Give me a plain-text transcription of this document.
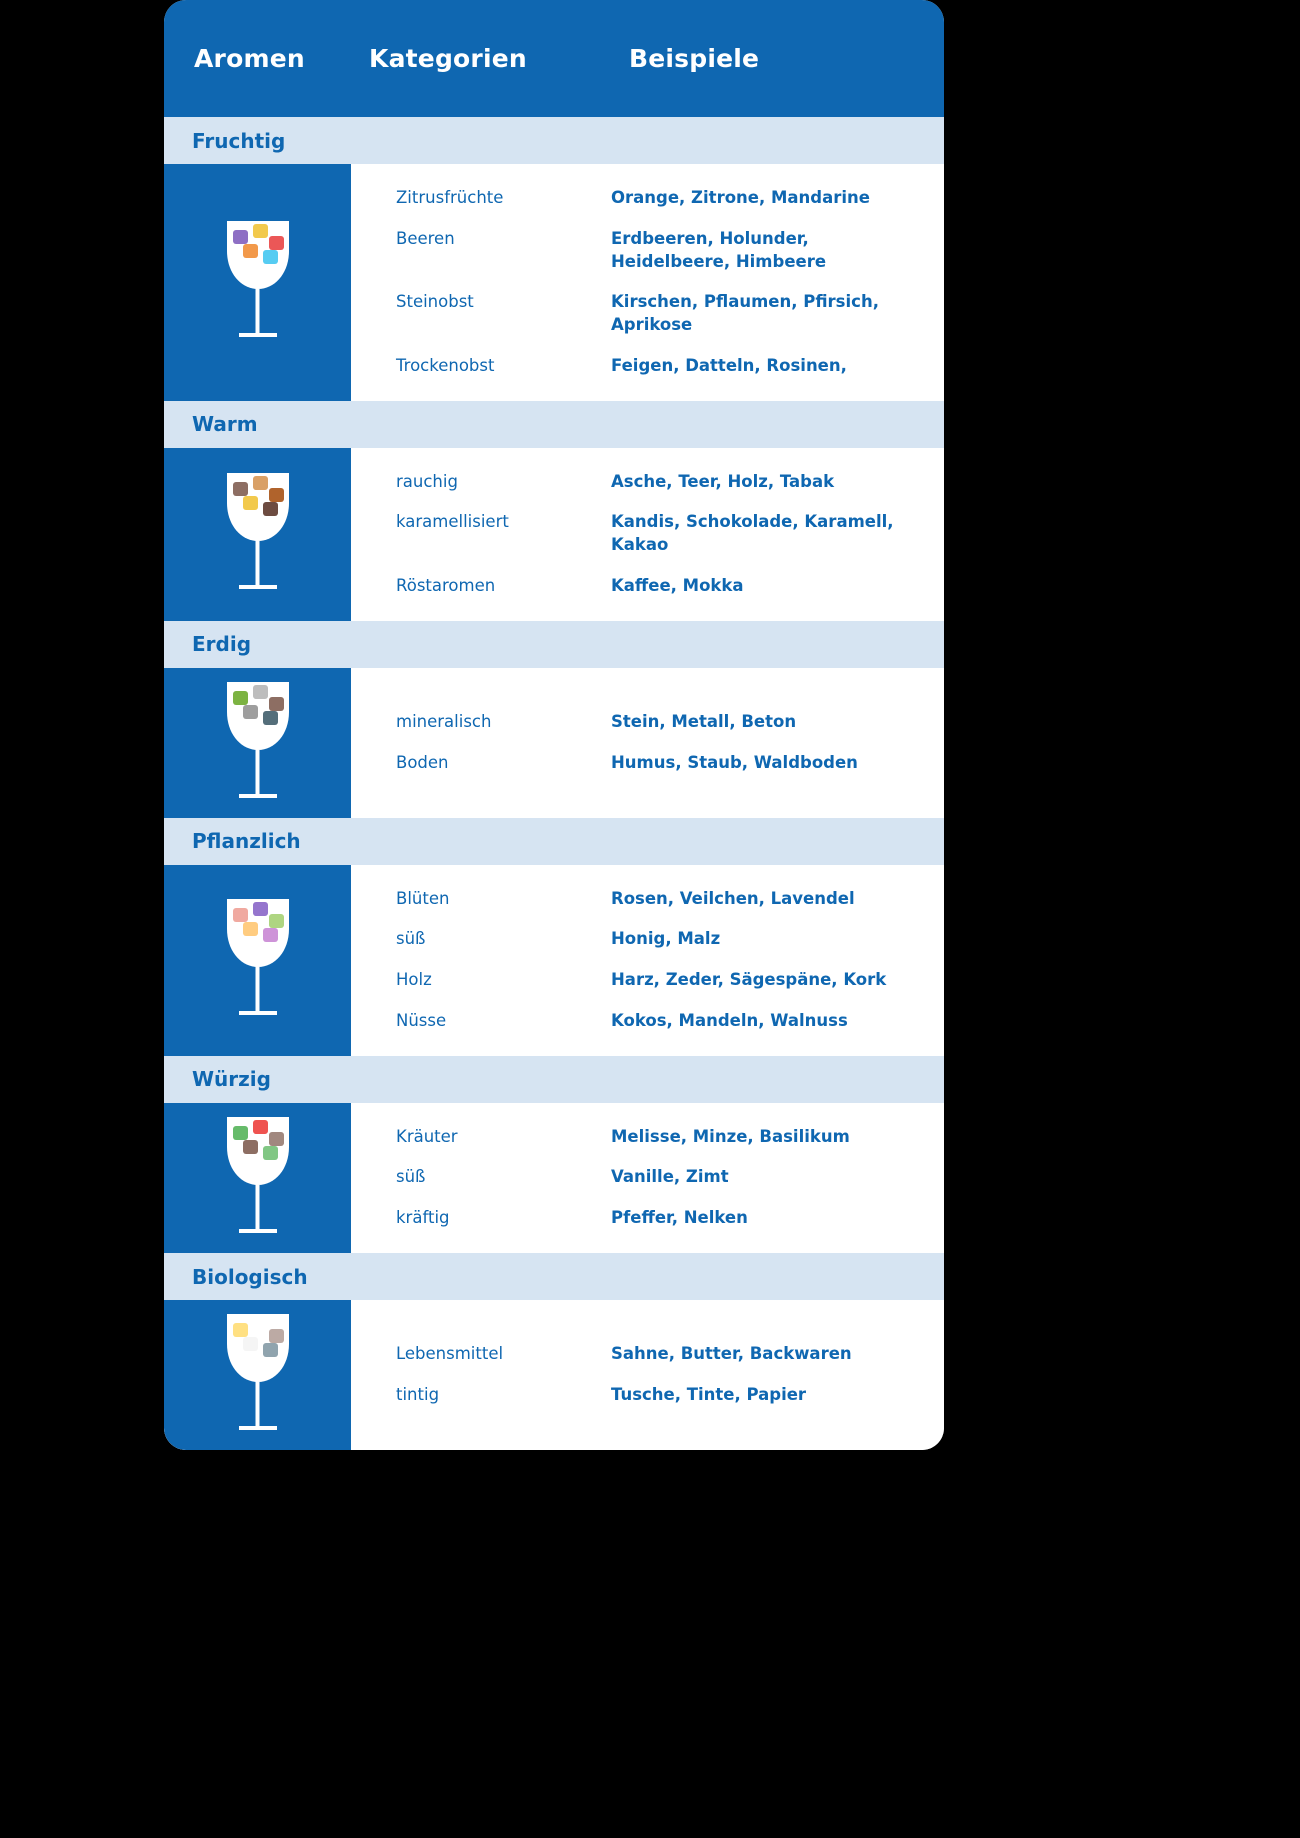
Aromen	Kategorien	Beispiele
Fruchtig
Zitrusfrüchte	Orange, Zitrone, Mandarine
Beeren	Erdbeeren, Holunder, Heidelbeere, Himbeere
Steinobst	Kirschen, Pflaumen, Pfirsich, Aprikose
Trockenobst	Feigen, Datteln, Rosinen,
Warm
rauchig	Asche, Teer, Holz, Tabak
karamellisiert	Kandis, Schokolade, Karamell, Kakao
Röstaromen	Kaffee, Mokka
Erdig
mineralisch	Stein, Metall, Beton
Boden	Humus, Staub, Waldboden
Pflanzlich
Blüten	Rosen, Veilchen, Lavendel
süß	Honig, Malz
Holz	Harz, Zeder, Sägespäne, Kork
Nüsse	Kokos, Mandeln, Walnuss
Würzig
Kräuter	Melisse, Minze, Basilikum
süß	Vanille, Zimt
kräftig	Pfeffer, Nelken
Biologisch
Lebensmittel	Sahne, Butter, Backwaren
tintig	Tusche, Tinte, Papier
